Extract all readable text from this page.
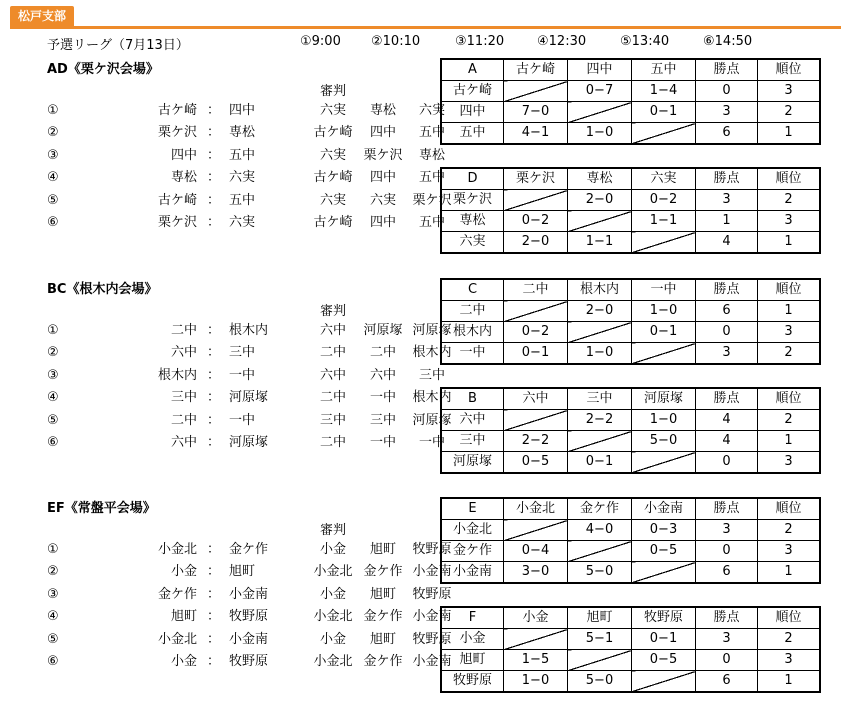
松戸支部
予選リーグ（7月13日）	①9:00 ②10:10	③11:20	④12:30	⑤13:40	⑥14:50
AD《栗ケ沢会場》
審判
①	古ケ崎 ： 四中	六実	専松	六実
②	栗ケ沢 ： 専松	古ケ崎	四中	五中
③	四中 ： 五中	六実	栗ケ沢	専松
④	専松 ： 六実	古ケ崎	四中	五中
⑤	古ケ崎 ： 五中	六実	六実	栗ケ沢
⑥	栗ケ沢 ： 六実	古ケ崎	四中	五中
A	古ケ崎	四中	五中	勝点	順位
古ケ崎		0−7	1−4	0	3
四中	7−0		0−1	3	2
五中	4−1	1−0		6	1
D	栗ケ沢	専松	六実	勝点	順位
栗ケ沢		2−0	0−2	3	2
専松	0−2		1−1	1	3
六実	2−0	1−1		4	1
BC《根木内会場》
審判
①	二中 ： 根木内	六中	河原塚 河原塚
②	六中 ： 三中	二中	二中	根木内
③	根木内 ： 一中	六中	六中	三中
④	三中 ： 河原塚	二中	一中	根木内
⑤	二中 ： 一中	三中	三中	河原塚
⑥	六中 ： 河原塚	二中	一中	一中
C	二中	根木内	一中	勝点	順位
二中		2−0	1−0	6	1
根木内	0−2		0−1	0	3
一中	0−1	1−0		3	2
B	六中	三中	河原塚	勝点	順位
六中		2−2	1−0	4	2
三中	2−2		5−0	4	1
河原塚	0−5	0−1		0	3
EF《常盤平会場》
審判
①	小金北 ： 金ケ作	小金	旭町	牧野原
②	小金 ： 旭町	小金北 金ケ作 小金南
③	金ケ作 ： 小金南	小金	旭町	牧野原
④	旭町 ： 牧野原	小金北 金ケ作 小金南
⑤	小金北 ： 小金南	小金	旭町	牧野原
⑥	小金 ： 牧野原	小金北 金ケ作 小金南
E	小金北	金ケ作	小金南	勝点	順位
小金北		4−0	0−3	3	2
金ケ作	0−4		0−5	0	3
小金南	3−0	5−0		6	1
F	小金	旭町	牧野原	勝点	順位
小金		5−1	0−1	3	2
旭町	1−5		0−5	0	3
牧野原	1−0	5−0		6	1
